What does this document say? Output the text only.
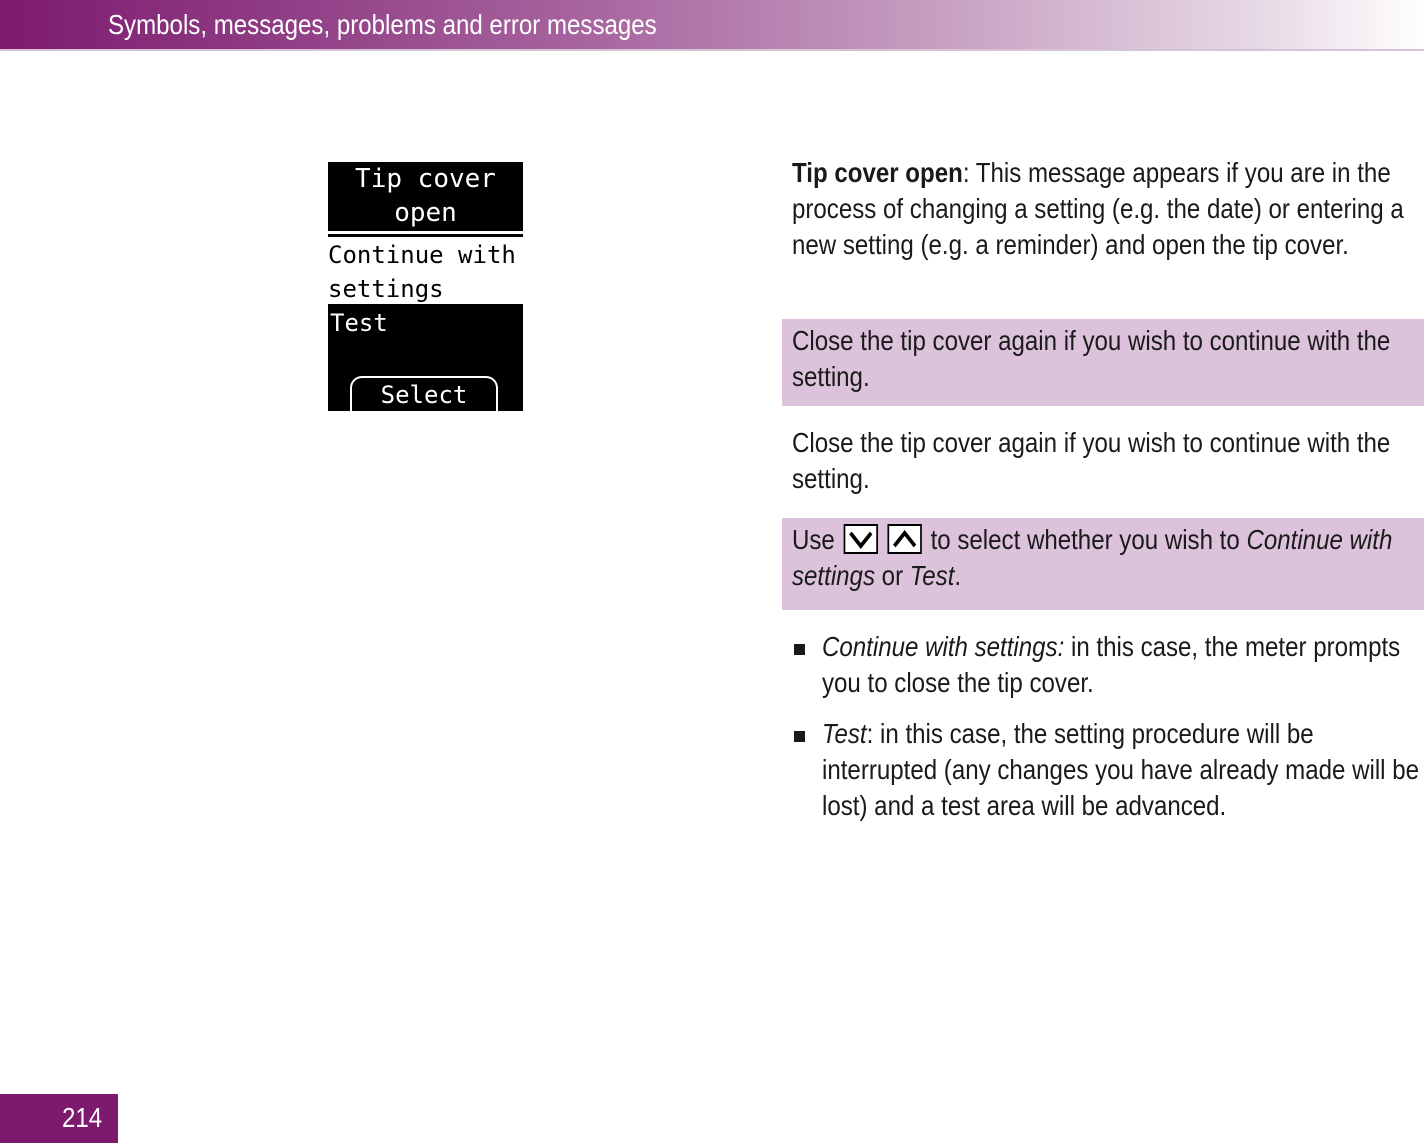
Symbols, messages, problems and error messages
Tip cover
open
Continue with
settings
Test
Select
Tip cover open: This message appears if you are in the process of changing a setting (e.g. the date) or entering a new setting (e.g. a reminder) and open the tip cover.
Close the tip cover again if you wish to continue with the setting.
Close the tip cover again if you wish to continue with the setting.
Use
	to select whether you wish to Continue with settings or Test.
Continue with settings: in this case, the meter prompts you to close the tip cover.
Test: in this case, the setting procedure will be interrupted (any changes you have already made will be lost) and a test area will be advanced.
214
